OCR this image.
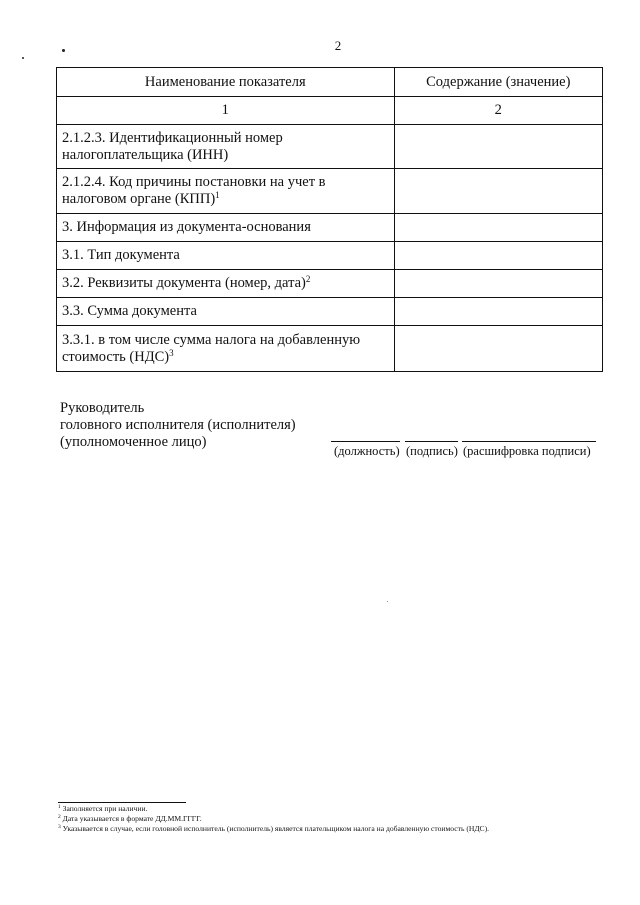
2
Наименование показателя	Содержание (значение)
1	2
2.1.2.3. Идентификационный номер налогоплательщика (ИНН)	
2.1.2.4. Код причины постановки на учет в налоговом органе (КПП)$^1$	
3. Информация из документа-основания	
3.1. Тип документа	
3.2. Реквизиты документа (номер, дата)$^2$	
3.3. Сумма документа	
3.3.1. в том числе сумма налога на добавленную стоимость (НДС)$^3$	
Руководитель
головного исполнителя (исполнителя)
(уполномоченное лицо)
(должность) (подпись) (расшифровка подписи)
$^1$ Заполняется при наличии.
$^2$ Дата указывается в формате ДД.ММ.ГГГГ.
$^3$ Указывается в случае, если головной исполнитель (исполнитель) является плательщиком налога на добавленную стоимость (НДС).
